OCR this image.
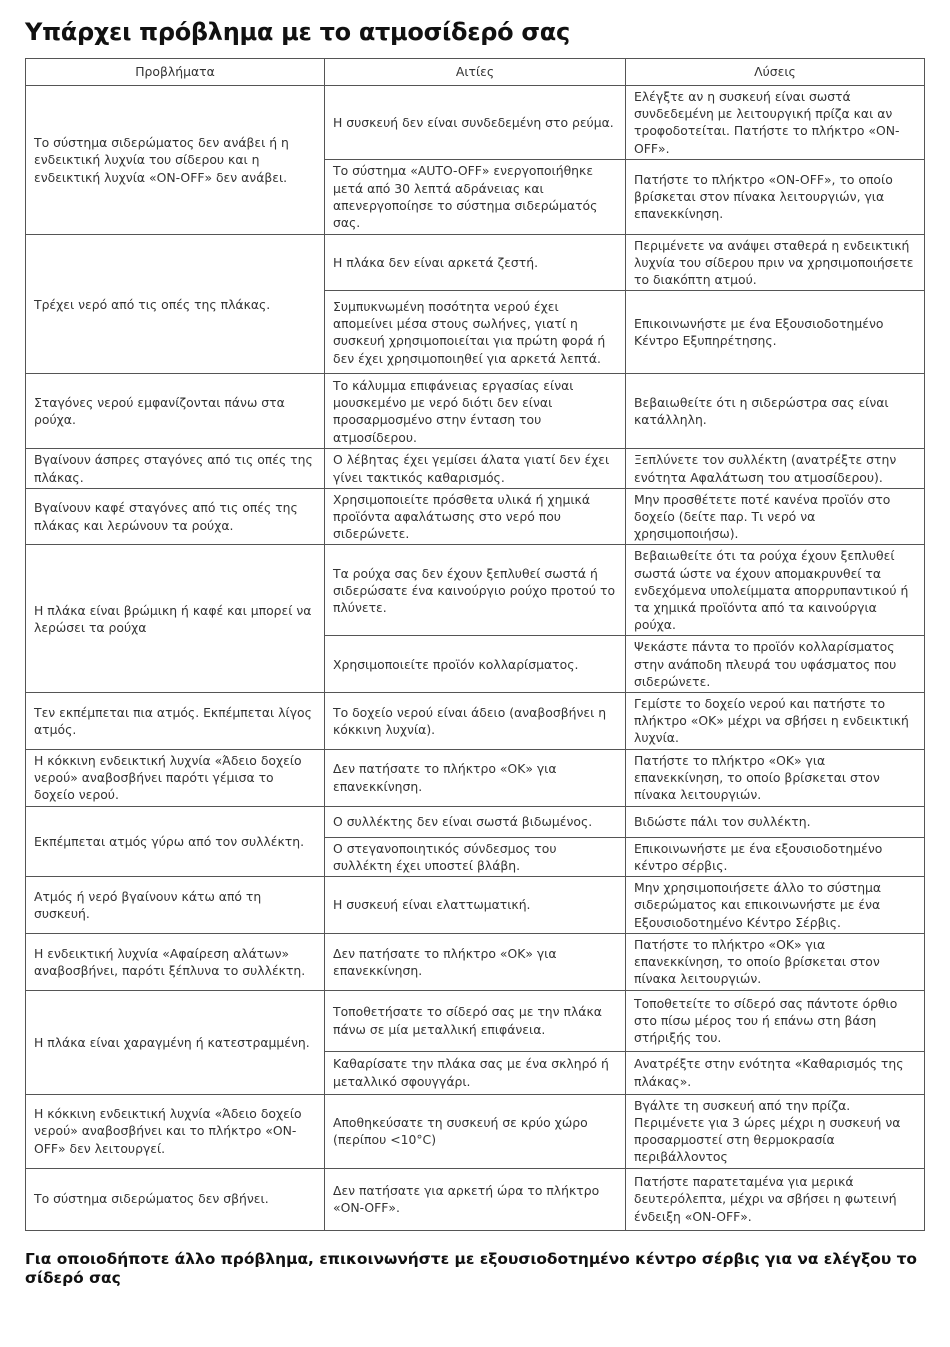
Υπάρχει πρόβλημα με το ατμοσίδερό σας
Προβλήματα	Αιτίες	Λύσεις
Το σύστημα σιδερώματος δεν ανάβει ή η ενδεικτική λυχνία του σίδερου και η ενδεικτική λυχνία «ON-OFF» δεν ανάβει.	Η συσκευή δεν είναι συνδεδεμένη στο ρεύμα.	Ελέγξτε αν η συσκευή είναι σωστά συνδεδεμένη με λειτουργική πρίζα και αν τροφοδοτείται. Πατήστε το πλήκτρο «ON-OFF».
	Το σύστημα «AUTO-OFF» ενεργοποιήθηκε μετά από 30 λεπτά αδράνειας και απενεργοποίησε το σύστημα σιδερώματός σας.	Πατήστε το πλήκτρο «ON-OFF», το οποίο βρίσκεται στον πίνακα λειτουργιών, για επανεκκίνηση.
Τρέχει νερό από τις οπές της πλάκας.	Η πλάκα δεν είναι αρκετά ζεστή.	Περιμένετε να ανάψει σταθερά η ενδεικτική λυχνία του σίδερου πριν να χρησιμοποιήσετε το διακόπτη ατμού.
	Συμπυκνωμένη ποσότητα νερού έχει απομείνει μέσα στους σωλήνες, γιατί η συσκευή χρησιμοποιείται για πρώτη φορά ή δεν έχει χρησιμοποιηθεί για αρκετά λεπτά.	Επικοινωνήστε με ένα Εξουσιοδοτημένο Κέντρο Εξυπηρέτησης.
Σταγόνες νερού εμφανίζονται πάνω στα ρούχα.	Το κάλυμμα επιφάνειας εργασίας είναι μουσκεμένο με νερό διότι δεν είναι προσαρμοσμένο στην ένταση του ατμοσίδερου.	Βεβαιωθείτε ότι η σιδερώστρα σας είναι κατάλληλη.
Βγαίνουν άσπρες σταγόνες από τις οπές της πλάκας.	Ο λέβητας έχει γεμίσει άλατα γιατί δεν έχει γίνει τακτικός καθαρισμός.	Ξεπλύνετε τον συλλέκτη (ανατρέξτε στην ενότητα Αφαλάτωση του ατμοσίδερου).
Βγαίνουν καφέ σταγόνες από τις οπές της πλάκας και λερώνουν τα ρούχα.	Χρησιμοποιείτε πρόσθετα υλικά ή χημικά προϊόντα αφαλάτωσης στο νερό που σιδερώνετε.	Μην προσθέτετε ποτέ κανένα προϊόν στο δοχείο (δείτε παρ. Τι νερό να χρησιμοποιήσω).
Η πλάκα είναι βρώμικη ή καφέ και μπορεί να λερώσει τα ρούχα	Τα ρούχα σας δεν έχουν ξεπλυθεί σωστά ή σιδερώσατε ένα καινούργιο ρούχο προτού το πλύνετε.	Βεβαιωθείτε ότι τα ρούχα έχουν ξεπλυθεί σωστά ώστε να έχουν απομακρυνθεί τα ενδεχόμενα υπολείμματα απορρυπαντικού ή τα χημικά προϊόντα από τα καινούργια ρούχα.
	Χρησιμοποιείτε προϊόν κολλαρίσματος.	Ψεκάστε πάντα το προϊόν κολλαρίσματος στην ανάποδη πλευρά του υφάσματος που σιδερώνετε.
Τεν εκπέμπεται πια ατμός. Εκπέμπεται λίγος ατμός.	Το δοχείο νερού είναι άδειο (αναβοσβήνει η κόκκινη λυχνία).	Γεμίστε το δοχείο νερού και πατήστε το πλήκτρο «OK» μέχρι να σβήσει η ενδεικτική λυχνία.
Η κόκκινη ενδεικτική λυχνία «Άδειο δοχείο νερού» αναβοσβήνει παρότι γέμισα το δοχείο νερού.	Δεν πατήσατε το πλήκτρο «OK» για επανεκκίνηση.	Πατήστε το πλήκτρο «OK» για επανεκκίνηση, το οποίο βρίσκεται στον πίνακα λειτουργιών.
Εκπέμπεται ατμός γύρω από τον συλλέκτη.	Ο συλλέκτης δεν είναι σωστά βιδωμένος.	Βιδώστε πάλι τον συλλέκτη.
	Ο στεγανοποιητικός σύνδεσμος του συλλέκτη έχει υποστεί βλάβη.	Επικοινωνήστε με ένα εξουσιοδοτημένο κέντρο σέρβις.
Ατμός ή νερό βγαίνουν κάτω από τη συσκευή.	Η συσκευή είναι ελαττωματική.	Μην χρησιμοποιήσετε άλλο το σύστημα σιδερώματος και επικοινωνήστε με ένα Εξουσιοδοτημένο Κέντρο Σέρβις.
Η ενδεικτική λυχνία «Αφαίρεση αλάτων» αναβοσβήνει, παρότι ξέπλυνα το συλλέκτη.	Δεν πατήσατε το πλήκτρο «OK» για επανεκκίνηση.	Πατήστε το πλήκτρο «OK» για επανεκκίνηση, το οποίο βρίσκεται στον πίνακα λειτουργιών.
Η πλάκα είναι χαραγμένη ή κατεστραμμένη.	Τοποθετήσατε το σίδερό σας με την πλάκα πάνω σε μία μεταλλική επιφάνεια.	Τοποθετείτε το σίδερό σας πάντοτε όρθιο στο πίσω μέρος του ή επάνω στη βάση στήριξής του.
	Καθαρίσατε την πλάκα σας με ένα σκληρό ή μεταλλικό σφουγγάρι.	Ανατρέξτε στην ενότητα «Καθαρισμός της πλάκας».
Η κόκκινη ενδεικτική λυχνία «Άδειο δοχείο νερού» αναβοσβήνει και το πλήκτρο «ON-OFF» δεν λειτουργεί.	Αποθηκεύσατε τη συσκευή σε κρύο χώρο (περίπου <10°C)	Βγάλτε τη συσκευή από την πρίζα. Περιμένετε για 3 ώρες μέχρι η συσκευή να προσαρμοστεί στη θερμοκρασία περιβάλλοντος
Το σύστημα σιδερώματος δεν σβήνει.	Δεν πατήσατε για αρκετή ώρα το πλήκτρο «ON-OFF».	Πατήστε παρατεταμένα για μερικά δευτερόλεπτα, μέχρι να σβήσει η φωτεινή ένδειξη «ON-OFF».

Για οποιοδήποτε άλλο πρόβλημα, επικοινωνήστε με εξουσιοδοτημένο κέντρο σέρβις για να ελέγξου το σίδερό σας
